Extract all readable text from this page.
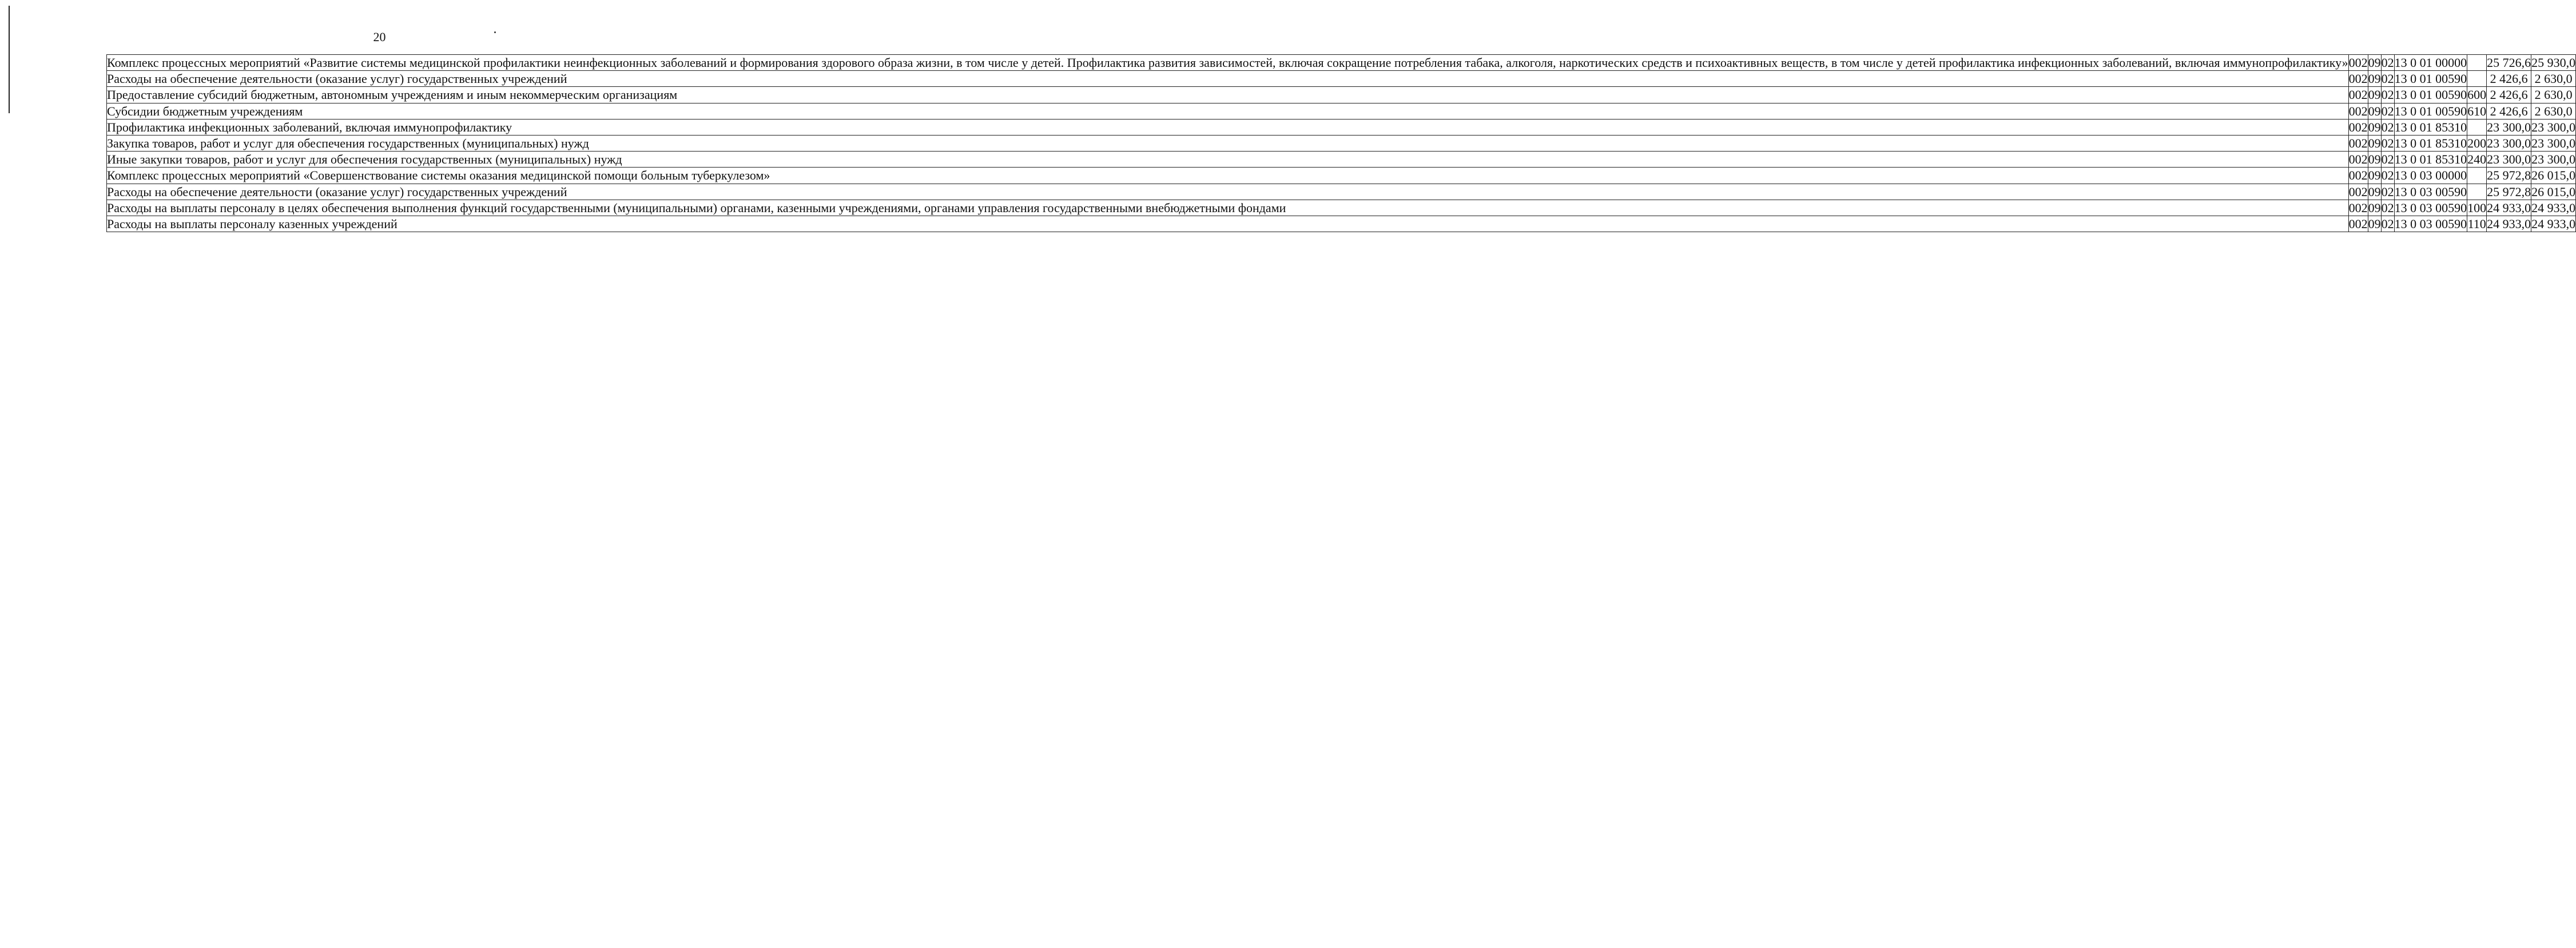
20
Комплекс процессных мероприятий «Развитие системы медицинской профилактики неинфекционных заболеваний и формирования здорового образа жизни, в том числе у детей. Профилактика развития зависимостей, включая сокращение потребления табака, алкоголя, наркотических средств и психоактивных веществ, в том числе у детей профилактика инфекционных заболеваний, включая иммунопрофилактику»	002	09	02	13 0 01 00000		25 726,6	25 930,0
Расходы на обеспечение деятельности (оказание услуг) государственных учреждений	002	09	02	13 0 01 00590		2 426,6	2 630,0
Предоставление субсидий бюджетным, автономным учреждениям и иным некоммерческим организациям	002	09	02	13 0 01 00590	600	2 426,6	2 630,0
Субсидии бюджетным учреждениям	002	09	02	13 0 01 00590	610	2 426,6	2 630,0
Профилактика инфекционных заболеваний, включая иммунопрофилактику	002	09	02	13 0 01 85310		23 300,0	23 300,0
Закупка товаров, работ и услуг для обеспечения государственных (муниципальных) нужд	002	09	02	13 0 01 85310	200	23 300,0	23 300,0
Иные закупки товаров, работ и услуг для обеспечения государственных (муниципальных) нужд	002	09	02	13 0 01 85310	240	23 300,0	23 300,0
Комплекс процессных мероприятий «Совершенствование системы оказания медицинской помощи больным туберкулезом»	002	09	02	13 0 03 00000		25 972,8	26 015,0
Расходы на обеспечение деятельности (оказание услуг) государственных учреждений	002	09	02	13 0 03 00590		25 972,8	26 015,0
Расходы на выплаты персоналу в целях обеспечения выполнения функций государственными (муниципальными) органами, казенными учреждениями, органами управления государственными внебюджетными фондами	002	09	02	13 0 03 00590	100	24 933,0	24 933,0
Расходы на выплаты персоналу казенных учреждений	002	09	02	13 0 03 00590	110	24 933,0	24 933,0
